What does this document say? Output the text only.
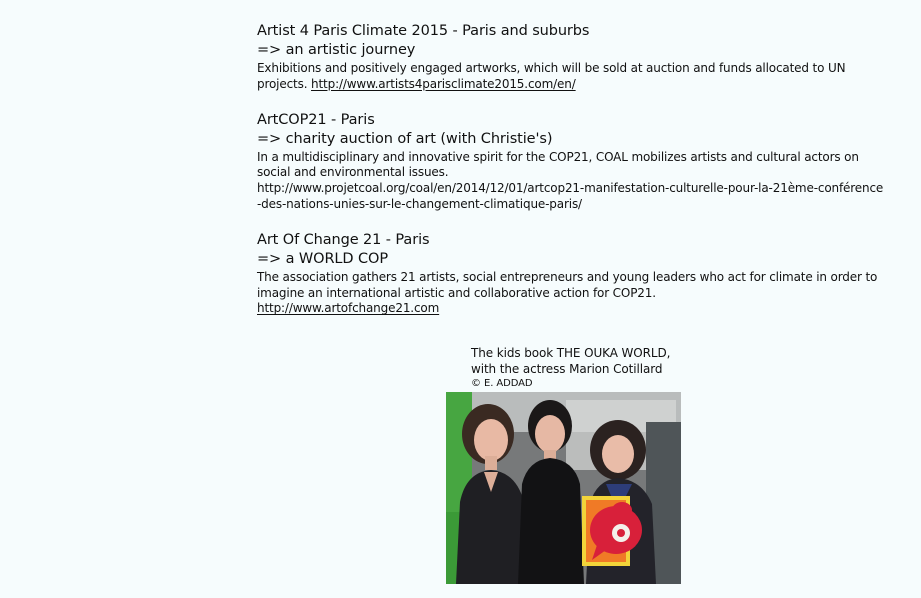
Artist 4 Paris Climate 2015 - Paris and suburbs
=> an artistic journey
Exhibitions and positively engaged artworks, which will be sold at auction and funds allocated to UN projects. http://www.artists4parisclimate2015.com/en/
ArtCOP21 - Paris
=> charity auction of art (with Christie's)
In a multidisciplinary and innovative spirit for the COP21, COAL mobilizes artists and cultural actors on social and environmental issues.
http://www.projetcoal.org/coal/en/2014/12/01/artcop21-manifestation-culturelle-pour-la-21ème-conférence-des-nations-unies-sur-le-changement-climatique-paris/
Art Of Change 21 - Paris
=> a WORLD COP
The association gathers 21 artists, social entrepreneurs and young leaders who act for climate in order to imagine an international artistic and collaborative action for COP21.
http://www.artofchange21.com
The kids book THE OUKA WORLD,
with the actress Marion Cotillard
© E. ADDAD
